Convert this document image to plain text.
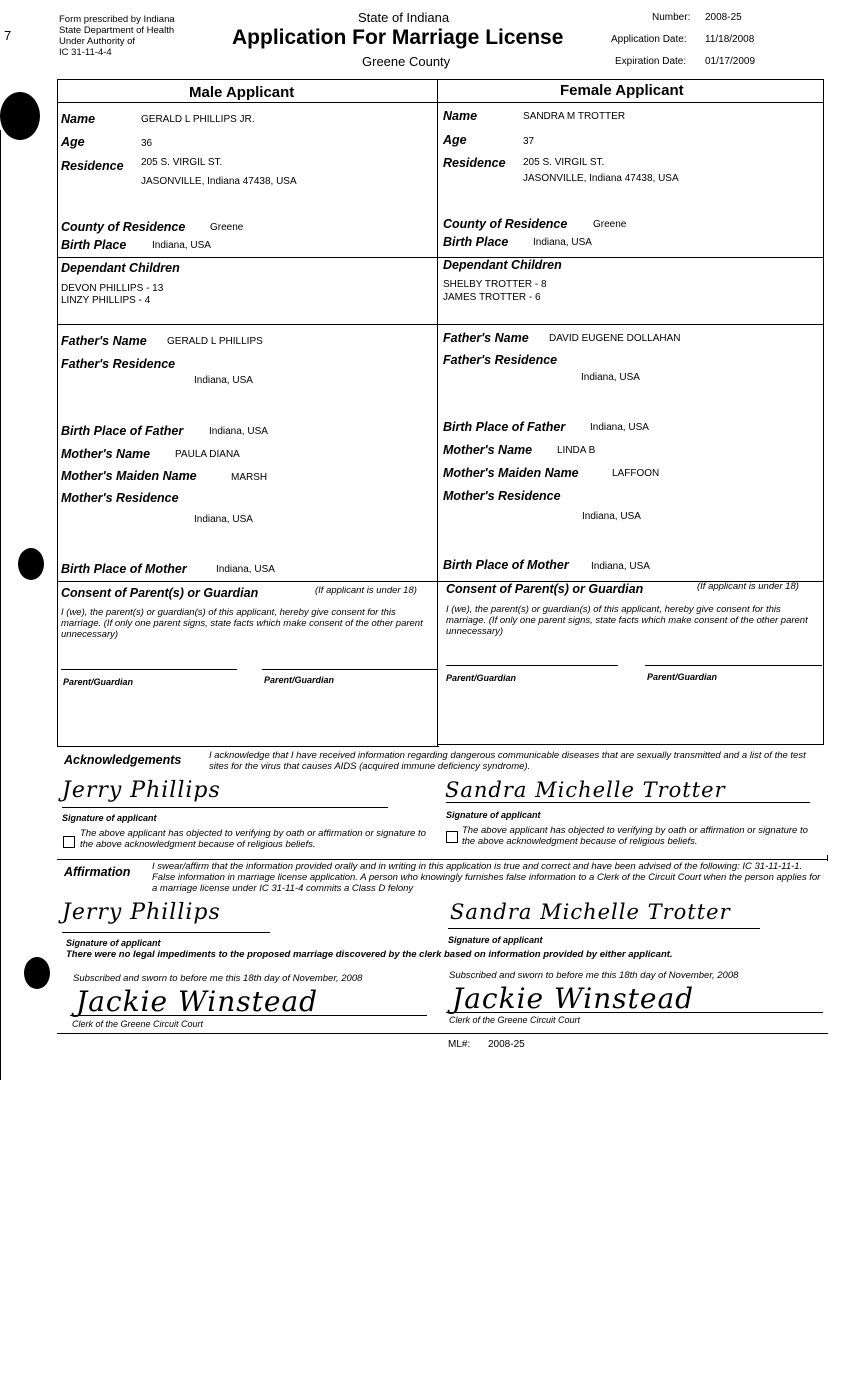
7
Form prescribed by Indiana
State Department of Health
Under Authority of
IC 31-11-4-4
State of Indiana
Application For Marriage License
Greene County
Number: 2008-25
Application Date: 11/18/2008
Expiration Date: 01/17/2009
Male Applicant	Female Applicant
Name	GERALD L PHILLIPS JR.
Age	36
Residence 205 S. VIRGIL ST.
JASONVILLE, Indiana 47438, USA
County of Residence Greene
Birth Place	Indiana, USA
Name	SANDRA M TROTTER
Age	37
Residence 205 S. VIRGIL ST.
JASONVILLE, Indiana 47438, USA
County of Residence	Greene
Birth Place Indiana, USA
Dependant Children
DEVON PHILLIPS - 13
LINZY PHILLIPS - 4
Dependant Children
SHELBY TROTTER - 8
JAMES TROTTER - 6
Father's Name GERALD L PHILLIPS
Father's Residence
Indiana, USA
Birth Place of Father	Indiana, USA
Mother's Name PAULA DIANA
Mother's Maiden Name	MARSH
Mother's Residence
Indiana, USA
Birth Place of Mother	Indiana, USA
Father's Name DAVID EUGENE DOLLAHAN
Father's Residence
Indiana, USA
Birth Place of Father Indiana, USA
Mother's Name LINDA B
Mother's Maiden Name	LAFFOON
Mother's Residence
Indiana, USA
Birth Place of Mother Indiana, USA
Consent of Parent(s) or Guardian	(If applicant is under 18)
I (we), the parent(s) or guardian(s) of this applicant, hereby give consent for this marriage. (If only one parent signs, state facts which make consent of the other parent unnecessary)
Parent/Guardian	Parent/Guardian
Consent of Parent(s) or Guardian	(If applicant is under 18)
I (we), the parent(s) or guardian(s) of this applicant, hereby give consent for this marriage. (If only one parent signs, state facts which make consent of the other parent unnecessary)
Parent/Guardian	Parent/Guardian
Acknowledgements	I acknowledge that I have received information regarding dangerous communicable diseases that are sexually transmitted and a list of the test sites for the virus that causes AIDS (acquired immune deficiency syndrome).
Jerry Phillips
Signature of applicant
The above applicant has objected to verifying by oath or affirmation or signature to the above acknowledgment because of religious beliefs.
Sandra Michelle Trotter
Signature of applicant
The above applicant has objected to verifying by oath or affirmation or signature to the above acknowledgment because of religious beliefs.
Affirmation I swear/affirm that the information provided orally and in writing in this application is true and correct and have been advised of the following: IC 31-11-11-1. False information in marriage license application. A person who knowingly furnishes false information to a Clerk of the Circuit Court when the person applies for a marriage license under IC 31-11-4 commits a Class D felony
Jerry Phillips
Signature of applicant
Sandra Michelle Trotter
Signature of applicant
There were no legal impediments to the proposed marriage discovered by the clerk based on information provided by either applicant.
Subscribed and sworn to before me this 18th day of November, 2008
Jackie Winstead
Clerk of the Greene Circuit Court
Subscribed and sworn to before me this 18th day of November, 2008
Jackie Winstead
Clerk of the Greene Circuit Court
ML#: 2008-25
